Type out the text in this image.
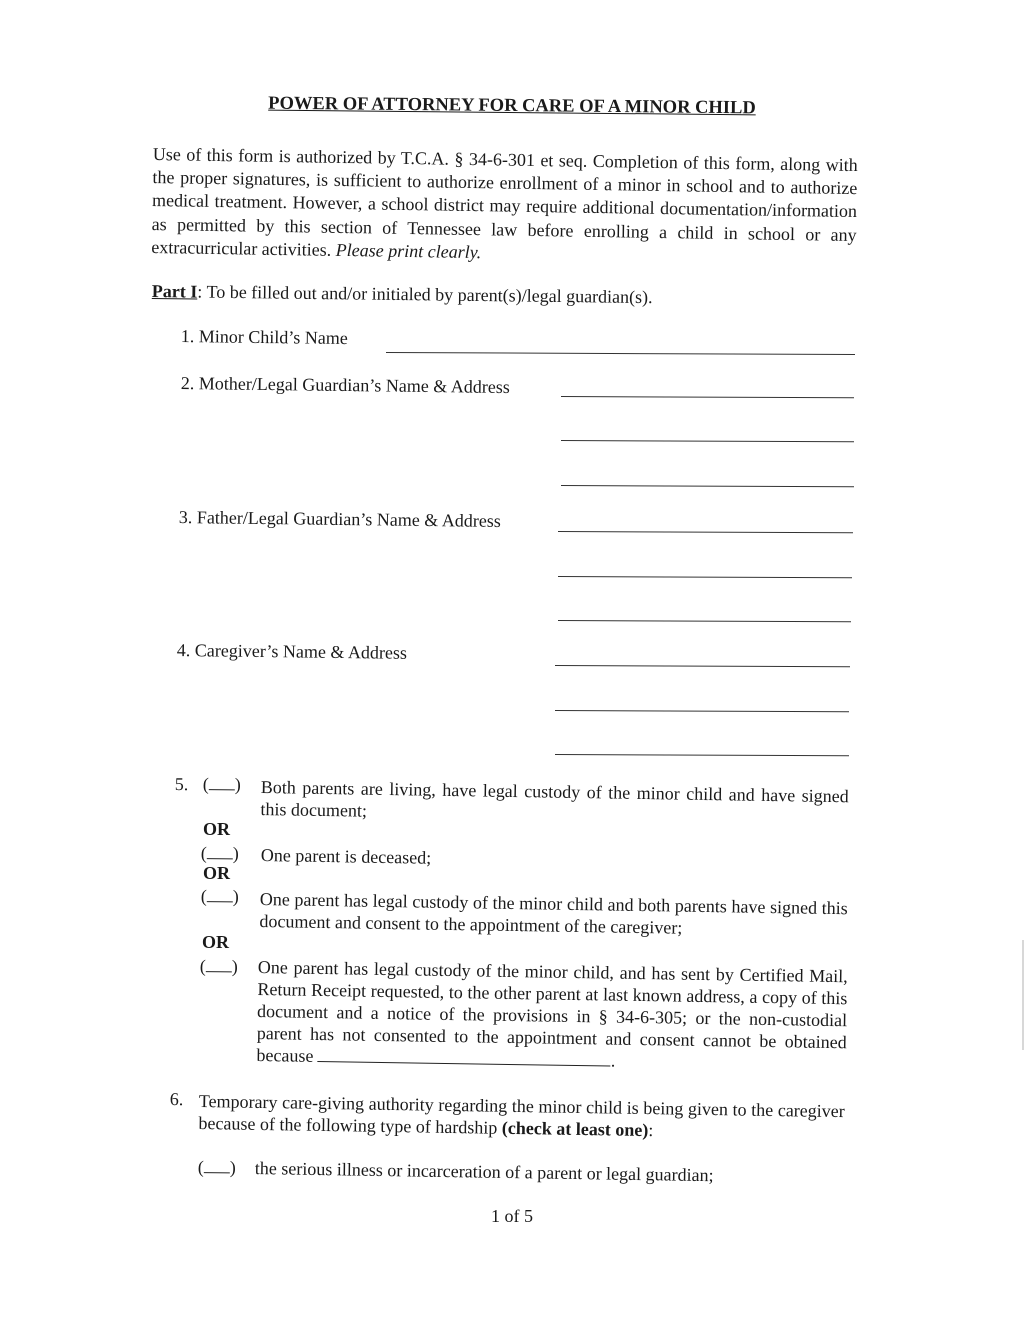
POWER OF ATTORNEY FOR CARE OF A MINOR CHILD
Use of this form is authorized by T.C.A. § 34-6-301 et seq. Completion of this form, along with the proper signatures, is sufficient to authorize enrollment of a minor in school and to authorize medical treatment. However, a school district may require additional documentation/information as permitted by this section of Tennessee law before enrolling a child in school or any extracurricular activities. Please print clearly.
Part I: To be filled out and/or initialed by parent(s)/legal guardian(s).
1. Minor Child’s Name
2. Mother/Legal Guardian’s Name & Address
3. Father/Legal Guardian’s Name & Address
4. Caregiver’s Name & Address
5. ( ) Both parents are living, have legal custody of the minor child and have signed this document;
OR
( ) One parent is deceased;
OR
( ) One parent has legal custody of the minor child and both parents have signed this document and consent to the appointment of the caregiver;
OR
( ) One parent has legal custody of the minor child, and has sent by Certified Mail, Return Receipt requested, to the other parent at last known address, a copy of this document and a notice of the provisions in § 34-6-305; or the non-custodial parent has not consented to the appointment and consent cannot be obtained because	.
6. Temporary care-giving authority regarding the minor child is being given to the caregiver because of the following type of hardship (check at least one):
( ) the serious illness or incarceration of a parent or legal guardian;
1 of 5
